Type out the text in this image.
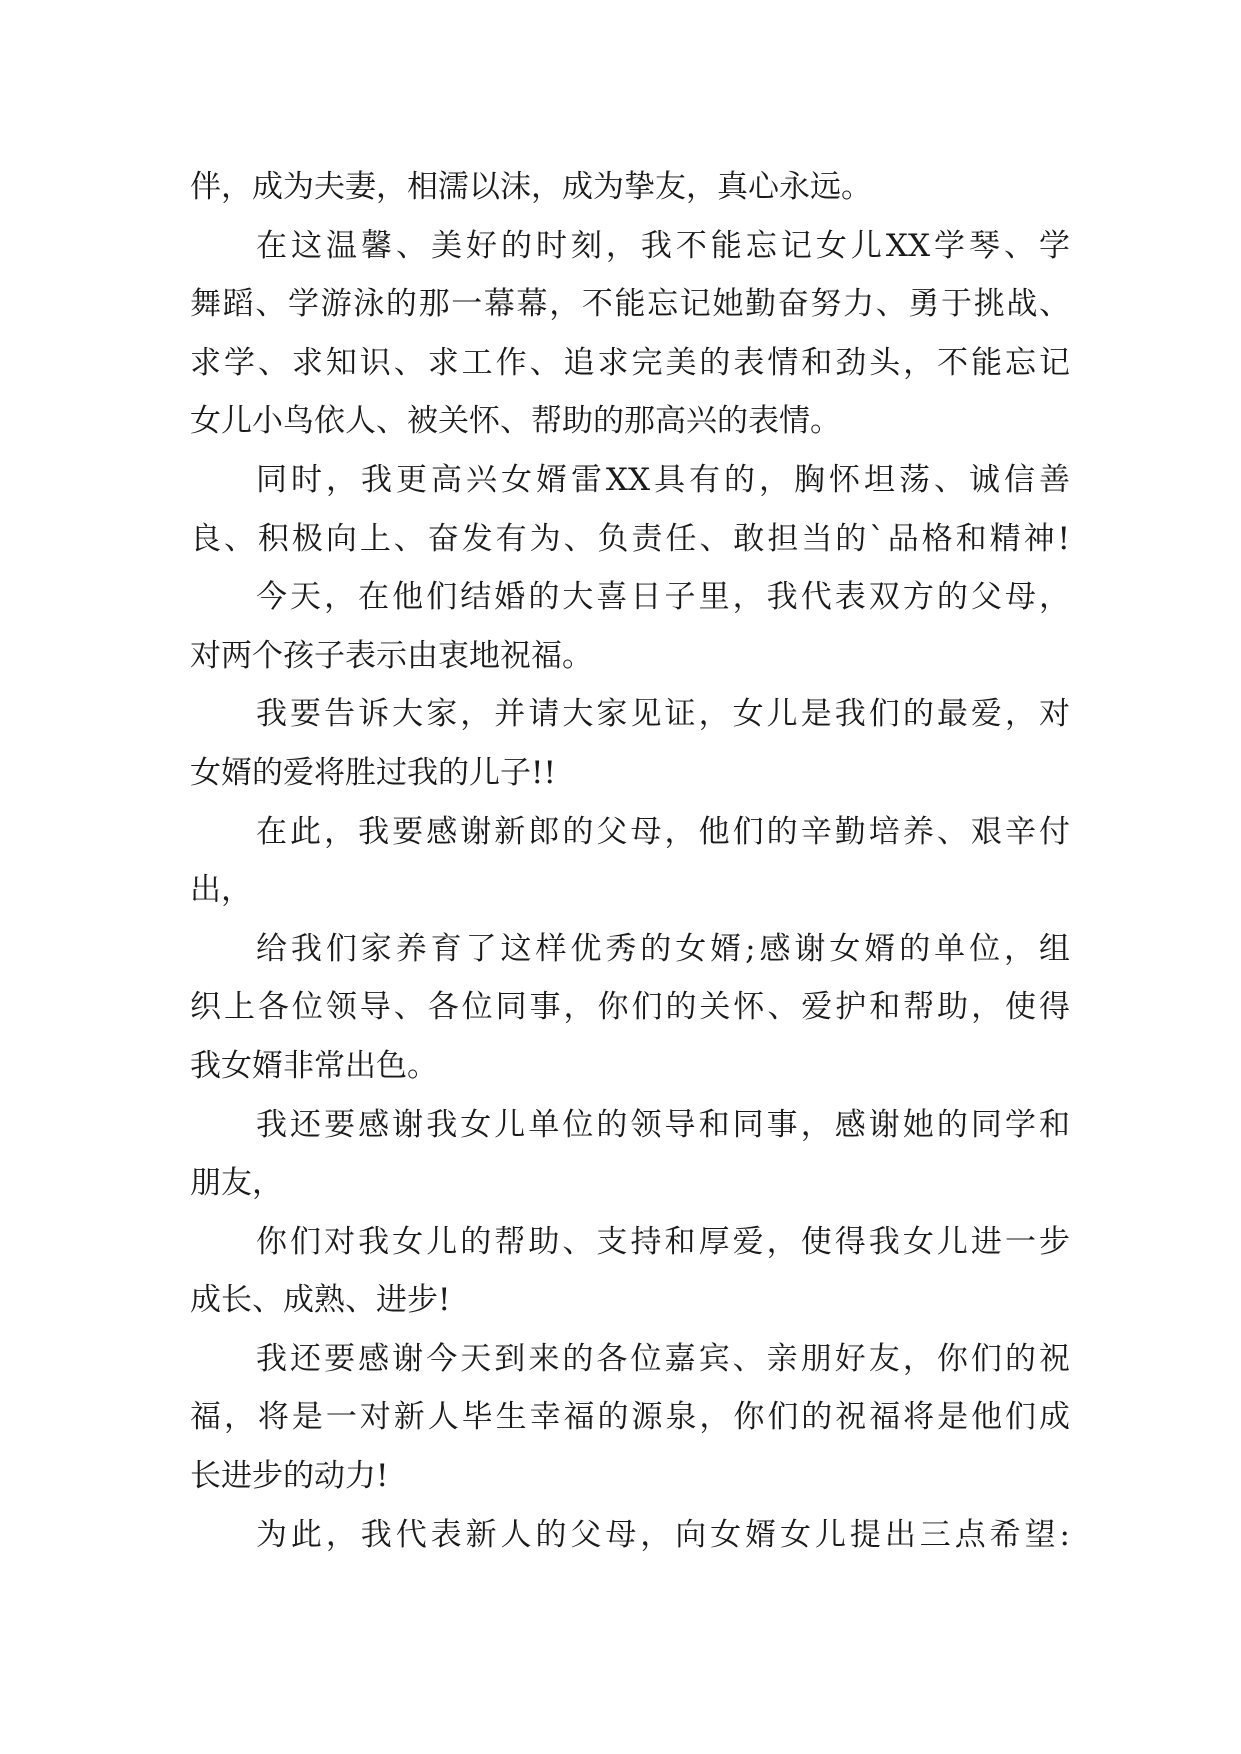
伴，成为夫妻，相濡以沫，成为挚友，真心永远。
在这温馨、美好的时刻，我不能忘记女儿XX学琴、学
舞蹈、学游泳的那一幕幕，不能忘记她勤奋努力、勇于挑战、
求学、求知识、求工作、追求完美的表情和劲头，不能忘记
女儿小鸟依人、被关怀、帮助的那高兴的表情。
同时，我更高兴女婿雷XX具有的，胸怀坦荡、诚信善
良、积极向上、奋发有为、负责任、敢担当的`品格和精神!
今天，在他们结婚的大喜日子里，我代表双方的父母，
对两个孩子表示由衷地祝福。
我要告诉大家，并请大家见证，女儿是我们的最爱，对
女婿的爱将胜过我的儿子!!
在此，我要感谢新郎的父母，他们的辛勤培养、艰辛付
出，
给我们家养育了这样优秀的女婿;感谢女婿的单位，组
织上各位领导、各位同事，你们的关怀、爱护和帮助，使得
我女婿非常出色。
我还要感谢我女儿单位的领导和同事，感谢她的同学和
朋友，
你们对我女儿的帮助、支持和厚爱，使得我女儿进一步
成长、成熟、进步!
我还要感谢今天到来的各位嘉宾、亲朋好友，你们的祝
福，将是一对新人毕生幸福的源泉，你们的祝福将是他们成
长进步的动力!
为此，我代表新人的父母，向女婿女儿提出三点希望:
